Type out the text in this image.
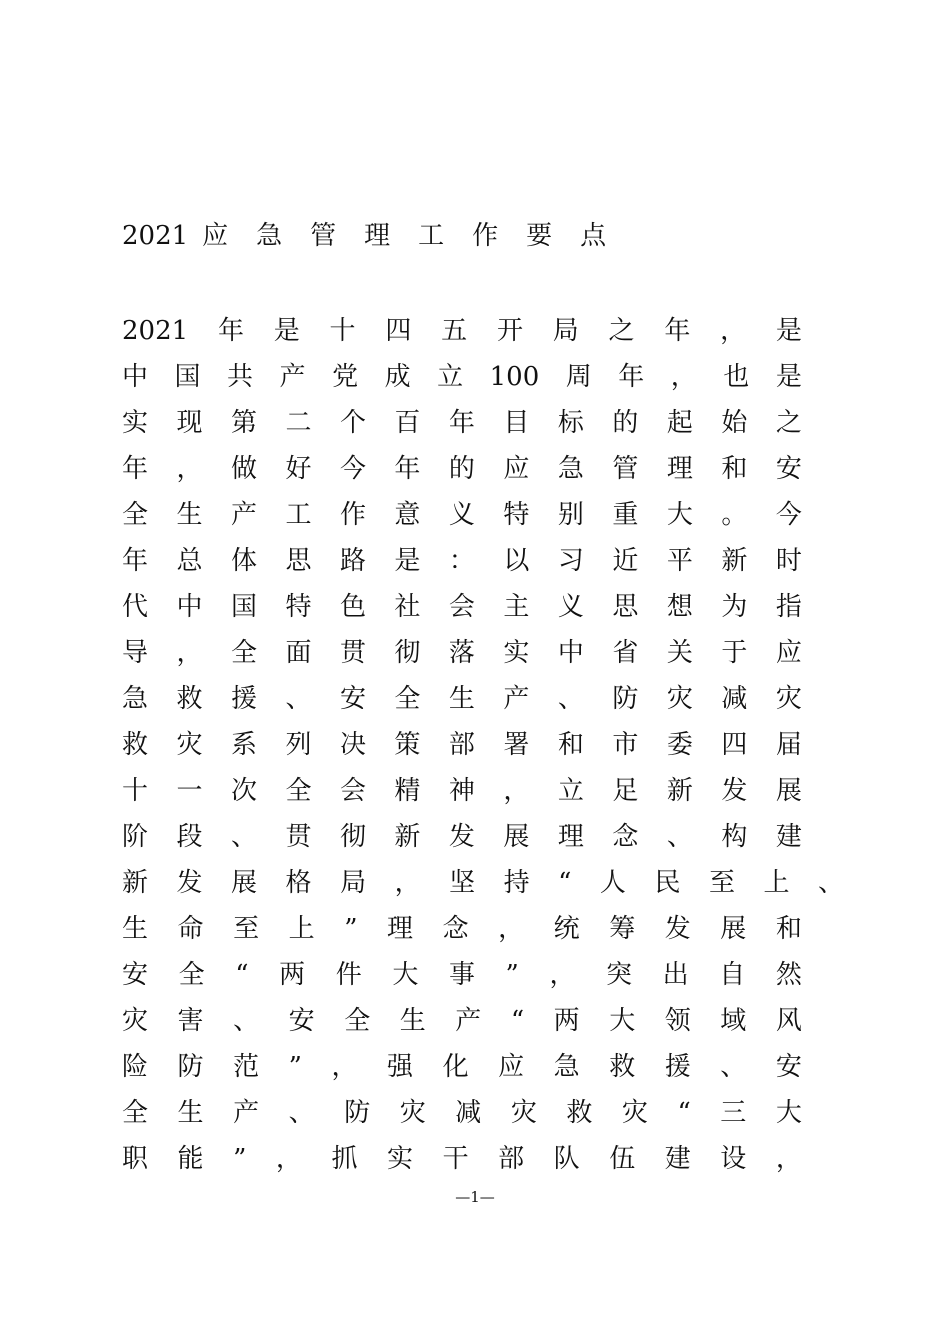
2021 应 急 管 理 工 作 要 点
2021 年 是 十 四 五 开 局 之 年 ， 是
中 国 共 产 党 成 立 100 周 年 ， 也 是
实 现 第 二 个 百 年 目 标 的 起 始 之
年 ， 做 好 今 年 的 应 急 管 理 和 安
全 生 产 工 作 意 义 特 别 重 大 。 今
年 总 体 思 路 是 ： 以 习 近 平 新 时
代 中 国 特 色 社 会 主 义 思 想 为 指
导 ， 全 面 贯 彻 落 实 中 省 关 于 应
急 救 援 、 安 全 生 产 、 防 灾 减 灾
救 灾 系 列 决 策 部 署 和 市 委 四 届
十 一 次 全 会 精 神 ， 立 足 新 发 展
阶 段 、 贯 彻 新 发 展 理 念 、 构 建
新 发 展 格 局 ， 坚 持 “ 人 民 至 上 、
生 命 至 上 ” 理 念 ， 统 筹 发 展 和
安 全 “ 两 件 大 事 ” ， 突 出 自 然
灾 害 、 安 全 生 产 “ 两 大 领 域 风
险 防 范 ” ， 强 化 应 急 救 援 、 安
全 生 产 、 防 灾 减 灾 救 灾 “ 三 大
职 能 ” ， 抓 实 干 部 队 伍 建 设 ，
—1—
